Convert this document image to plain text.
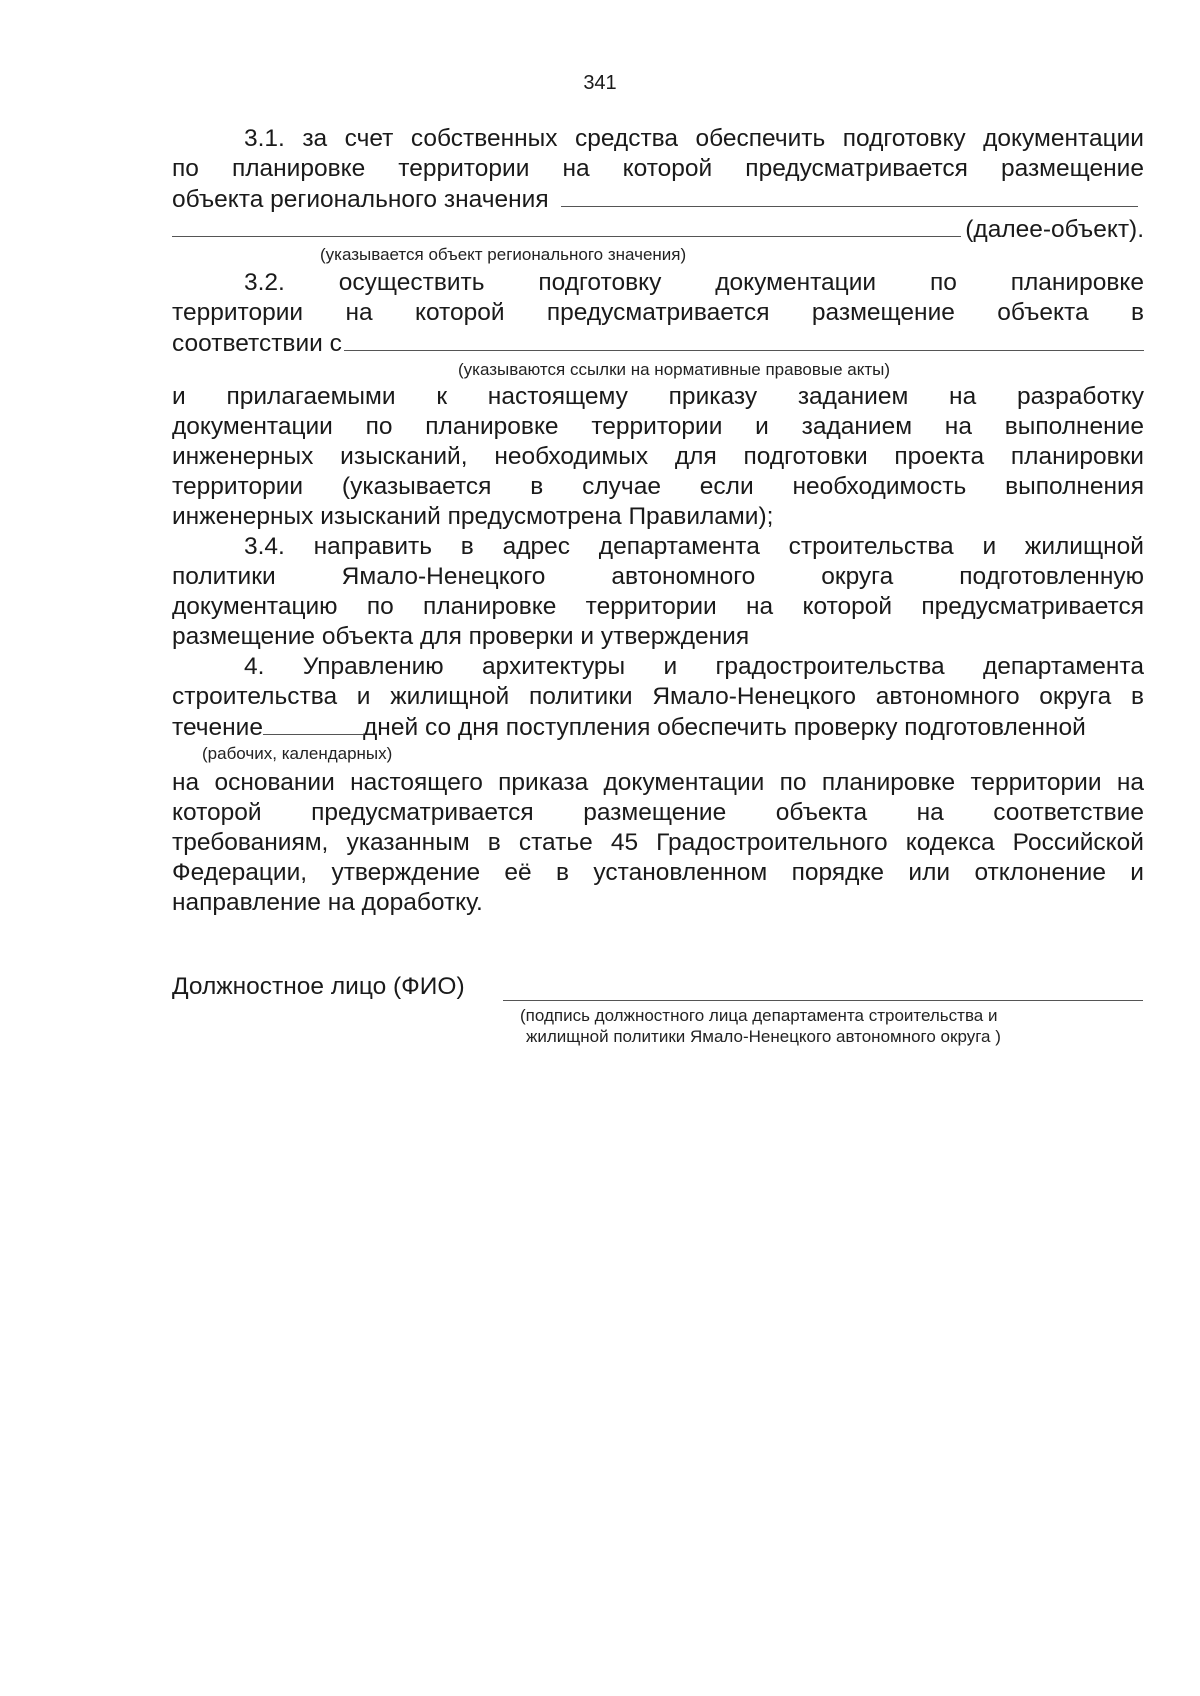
341
3.1. за счет собственных средства обеспечить подготовку документации
по планировке территории на которой предусматривается размещение
объекта регионального значения
(далее-объект).
(указывается объект регионального значения)
3.2. осуществить подготовку документации по планировке
территории на которой предусматривается размещение объекта в
соответствии с
(указываются ссылки на нормативные правовые акты)
и прилагаемыми к настоящему приказу заданием на разработку
документации по планировке территории и заданием на выполнение
инженерных изысканий, необходимых для подготовки проекта планировки
территории (указывается в случае если необходимость выполнения
инженерных изысканий предусмотрена Правилами);
3.4. направить в адрес департамента строительства и жилищной
политики Ямало-Ненецкого автономного округа подготовленную
документацию по планировке территории на которой предусматривается
размещение объекта для проверки и утверждения
4. Управлению архитектуры и градостроительства департамента
строительства и жилищной политики Ямало-Ненецкого автономного округа в
течение	дней со дня поступления обеспечить проверку подготовленной
(рабочих, календарных)
на основании настоящего приказа документации по планировке территории на
которой предусматривается размещение объекта на соответствие
требованиям, указанным в статье 45 Градостроительного кодекса Российской
Федерации, утверждение её в установленном порядке или отклонение и
направление на доработку.
Должностное лицо (ФИО)
(подпись должностного лица департамента строительства и
жилищной политики Ямало-Ненецкого автономного округа )
